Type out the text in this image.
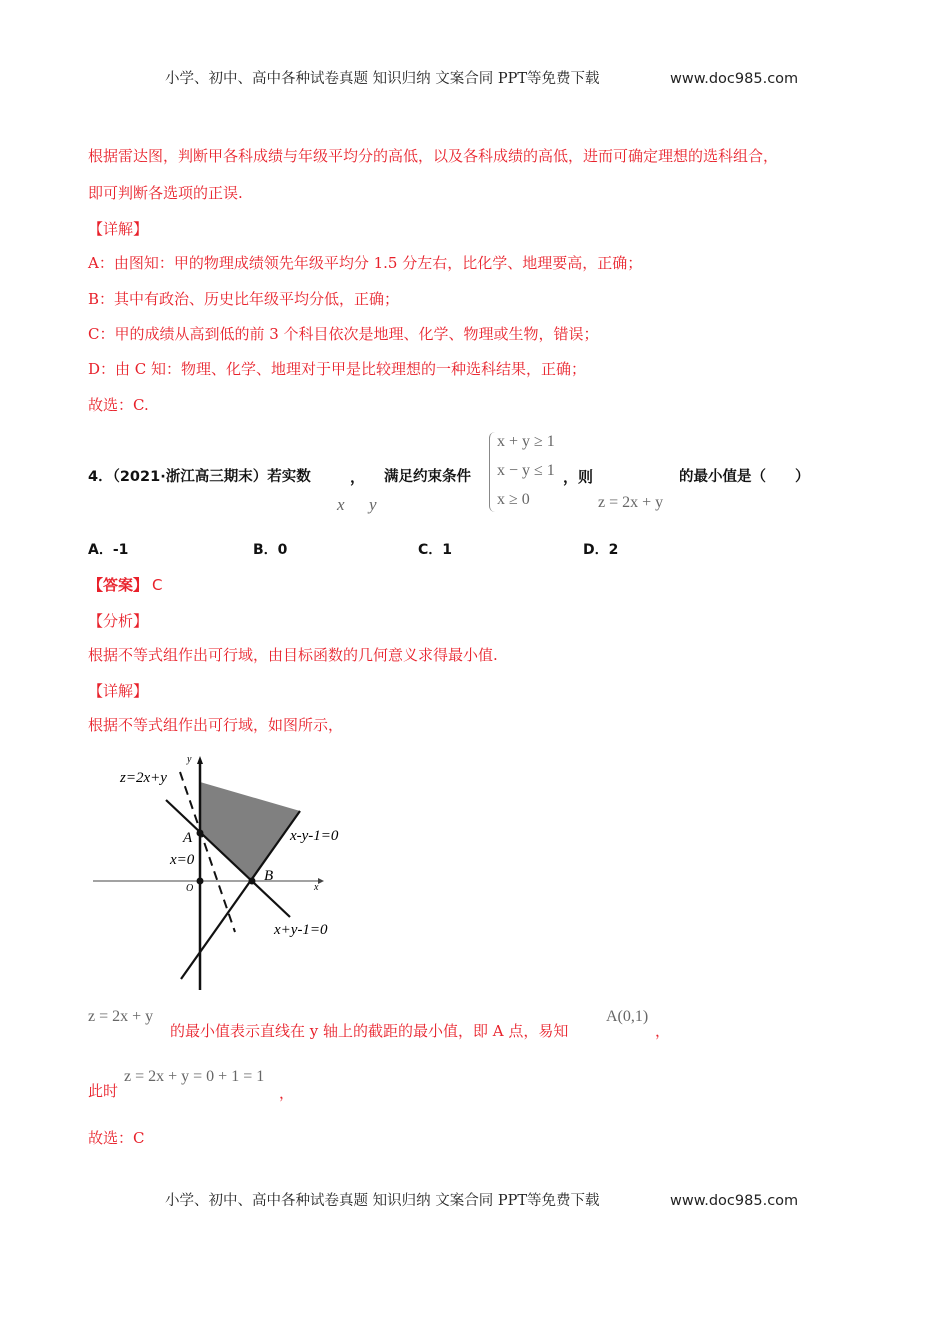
小学、初中、高中各种试卷真题 知识归纳 文案合同 PPT等免费下载	www.doc985.com
根据雷达图，判断甲各科成绩与年级平均分的高低，以及各科成绩的高低，进而可确定理想的选科组合，
即可判断各选项的正误.
【详解】
A：由图知：甲的物理成绩领先年级平均分 1.5 分左右，比化学、地理要高，正确；
B：其中有政治、历史比年级平均分低，正确；
C：甲的成绩从高到低的前 3 个科目依次是地理、化学、物理或生物，错误；
D：由 C 知：物理、化学、地理对于甲是比较理想的一种选科结果，正确；
故选：C.
4．（2021·浙江高三期末）若实数	， 满足约束条件
x y
x + y ≥ 1
x − y ≤ 1
x ≥ 0
，则
z = 2x + y
的最小值是（　　）
A．-1	B．0	C．1	D．2
【答案】 C
【分析】
根据不等式组作出可行域，由目标函数的几何意义求得最小值.
【详解】
根据不等式组作出可行域，如图所示，
y
x
O
z=2x+y
A
B
x=0
x-y-1=0
x+y-1=0
z = 2x + y
的最小值表示直线在 y 轴上的截距的最小值，即 A 点，易知
A(0,1)
，
此时
z = 2x + y = 0 + 1 = 1
，
故选：C
小学、初中、高中各种试卷真题 知识归纳 文案合同 PPT等免费下载	www.doc985.com
